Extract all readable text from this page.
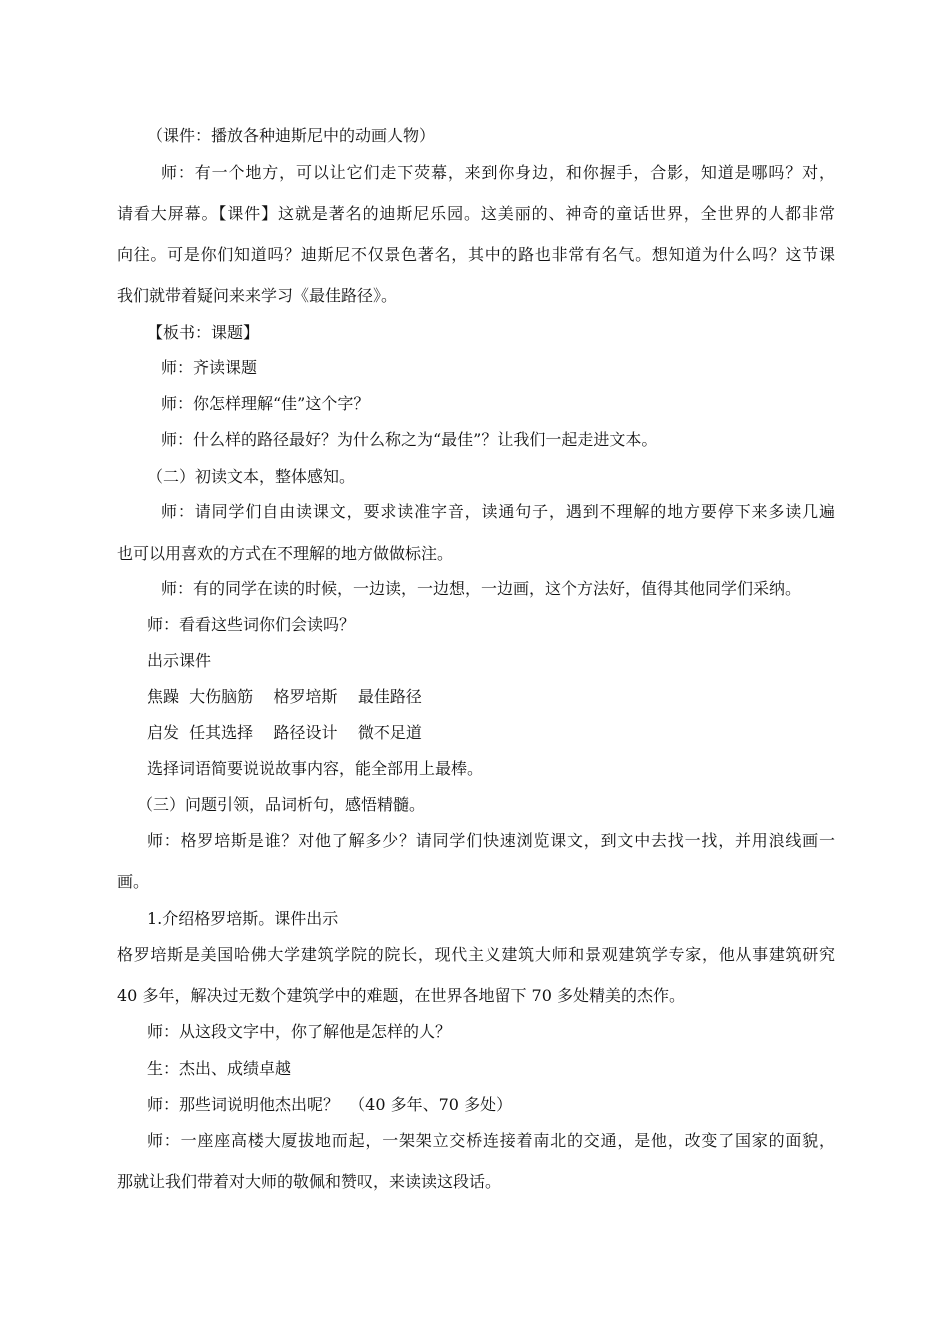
（课件：播放各种迪斯尼中的动画人物）
师：有一个地方，可以让它们走下荧幕，来到你身边，和你握手，合影，知道是哪吗？对，
请看大屏幕。【课件】这就是著名的迪斯尼乐园。这美丽的、神奇的童话世界，全世界的人都非常
向往。可是你们知道吗？迪斯尼不仅景色著名，其中的路也非常有名气。想知道为什么吗？这节课
我们就带着疑问来来学习《最佳路径》。
【板书：课题】
师：齐读课题
师：你怎样理解“佳”这个字？
师：什么样的路径最好？为什么称之为“最佳”？让我们一起走进文本。
（二）初读文本，整体感知。
师：请同学们自由读课文，要求读准字音，读通句子，遇到不理解的地方要停下来多读几遍
也可以用喜欢的方式在不理解的地方做做标注。
师：有的同学在读的时候，一边读，一边想，一边画，这个方法好，值得其他同学们采纳。
师：看看这些词你们会读吗？
出示课件
焦躁  大伤脑筋    格罗培斯    最佳路径
启发  任其选择    路径设计    微不足道
选择词语简要说说故事内容，能全部用上最棒。
（三）问题引领，品词析句，感悟精髓。
师：格罗培斯是谁？对他了解多少？请同学们快速浏览课文，到文中去找一找，并用浪线画一
画。
1.介绍格罗培斯。课件出示
格罗培斯是美国哈佛大学建筑学院的院长，现代主义建筑大师和景观建筑学专家，他从事建筑研究
40 多年，解决过无数个建筑学中的难题，在世界各地留下 70 多处精美的杰作。
师：从这段文字中，你了解他是怎样的人？
生：杰出、成绩卓越
师：那些词说明他杰出呢？  （40 多年、70 多处）
师：一座座高楼大厦拔地而起，一架架立交桥连接着南北的交通，是他，改变了国家的面貌，
那就让我们带着对大师的敬佩和赞叹，来读读这段话。
